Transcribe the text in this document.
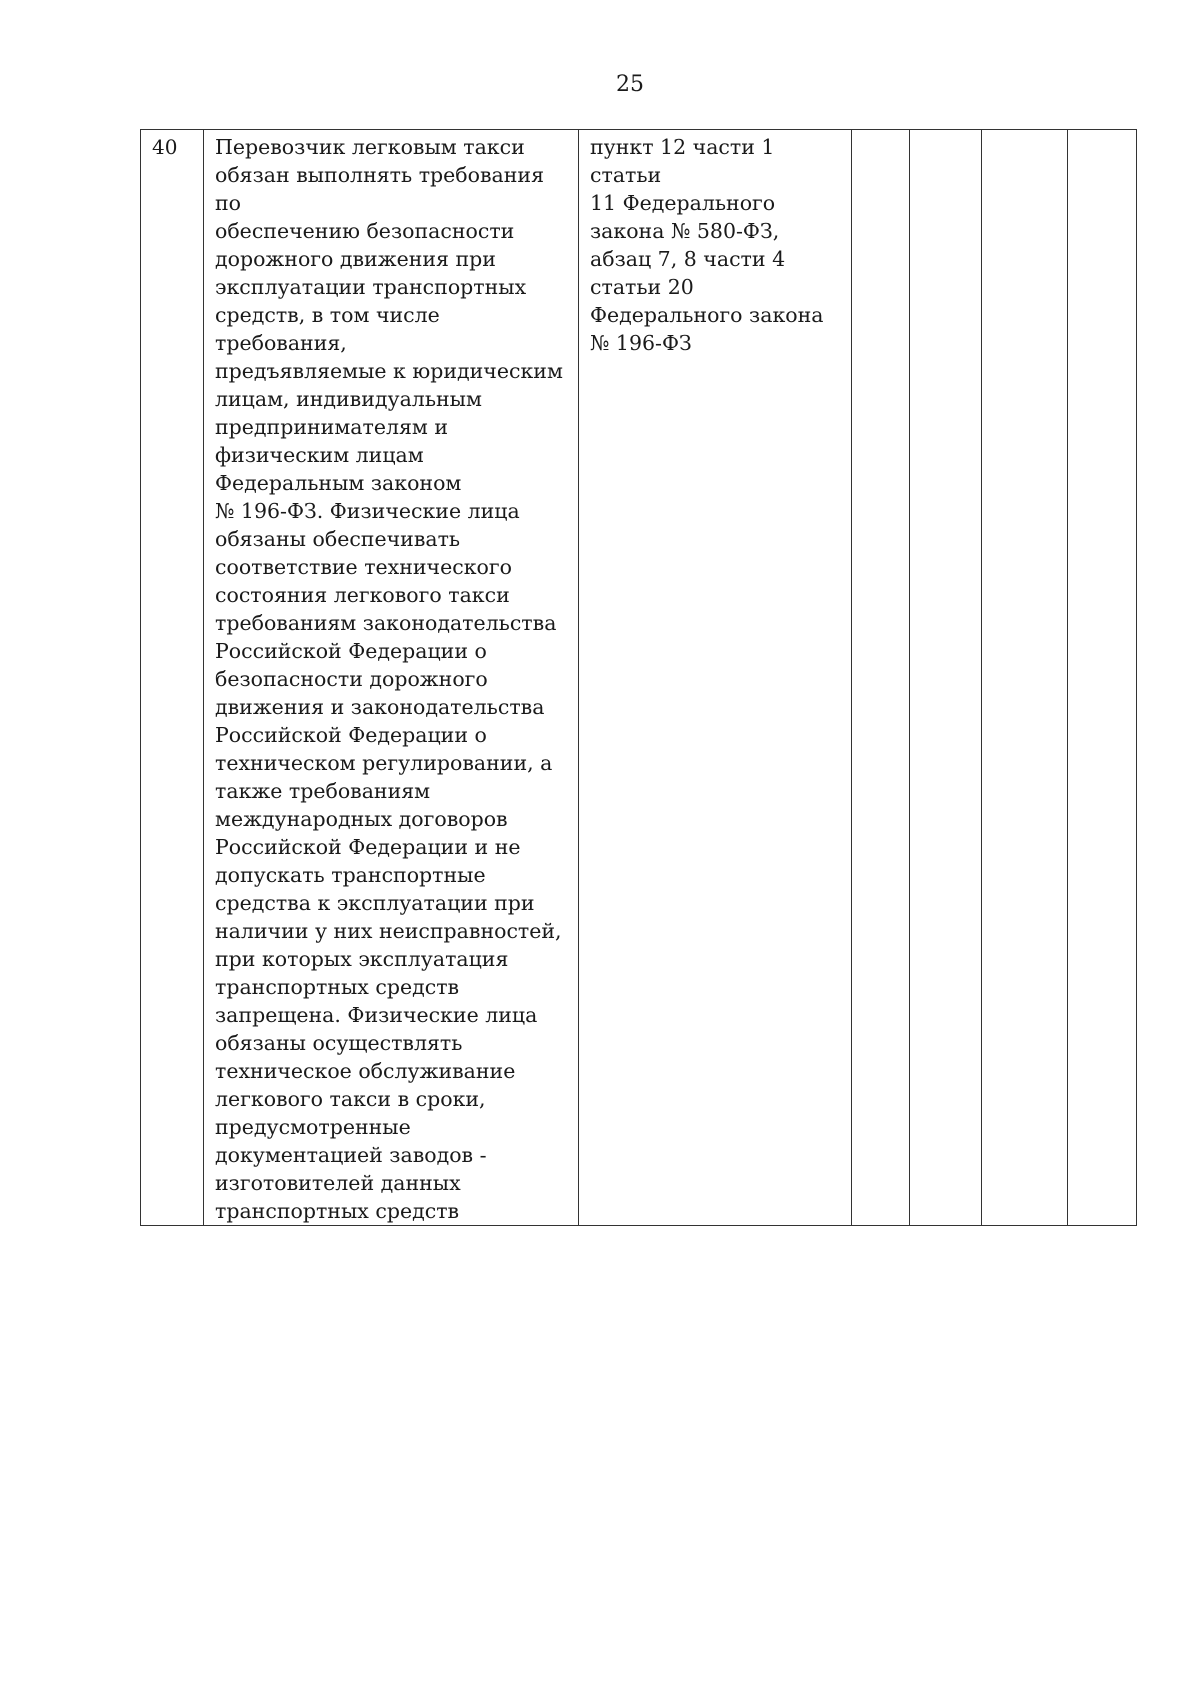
25
40	Перевозчик легковым такси
обязан выполнять требования по
обеспечению безопасности
дорожного движения при
эксплуатации транспортных
средств, в том числе требования,
предъявляемые к юридическим
лицам, индивидуальным
предпринимателям и
физическим лицам
Федеральным законом
№ 196-ФЗ. Физические лица
обязаны обеспечивать
соответствие технического
состояния легкового такси
требованиям законодательства
Российской Федерации о
безопасности дорожного
движения и законодательства
Российской Федерации о
техническом регулировании, а
также требованиям
международных договоров
Российской Федерации и не
допускать транспортные
средства к эксплуатации при
наличии у них неисправностей,
при которых эксплуатация
транспортных средств
запрещена. Физические лица
обязаны осуществлять
техническое обслуживание
легкового такси в сроки,
предусмотренные
документацией заводов -
изготовителей данных
транспортных средств	пункт 12 части 1 статьи
11 Федерального
закона № 580-ФЗ,
абзац 7, 8 части 4
статьи 20
Федерального закона
№ 196-ФЗ				
